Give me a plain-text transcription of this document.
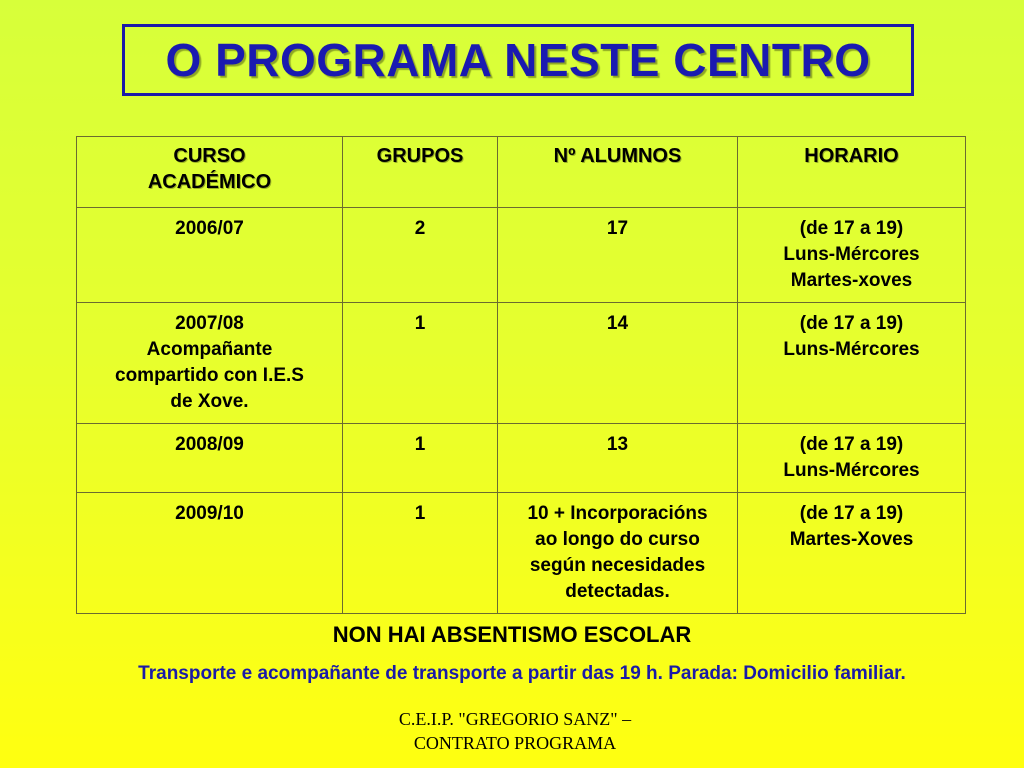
O PROGRAMA NESTE CENTRO
CURSO
ACADÉMICO	GRUPOS	Nº ALUMNOS	HORARIO

2006/07	2	17	(de 17 a 19)
Luns-Mércores
Martes-xoves

2007/08
Acompañante
compartido con I.E.S
de Xove.	1	14	(de 17 a 19)
Luns-Mércores

2008/09	1	13	(de 17 a 19)
Luns-Mércores

2009/10	1	10 + Incorporacións
ao longo do curso
según necesidades
detectadas.	(de 17 a 19)
Martes-Xoves
NON HAI ABSENTISMO ESCOLAR
Transporte e acompañante de transporte a partir das 19 h. Parada: Domicilio familiar.
C.E.I.P. "GREGORIO SANZ" –
CONTRATO PROGRAMA
